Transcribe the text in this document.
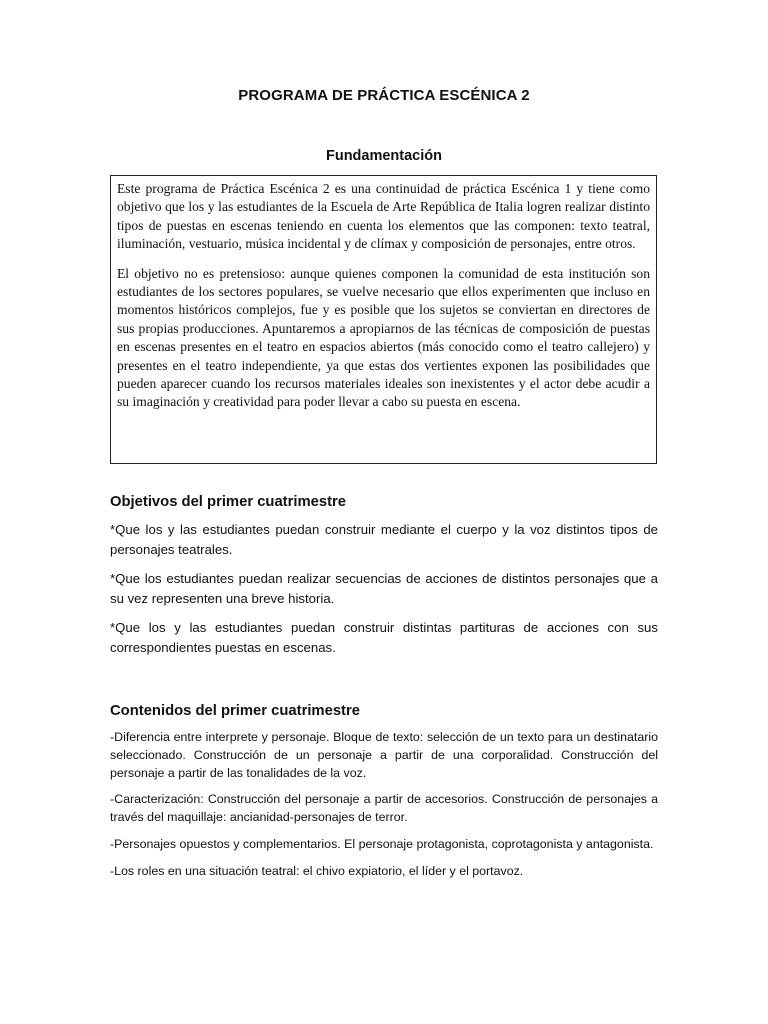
PROGRAMA DE PRÁCTICA ESCÉNICA 2
Fundamentación

Este programa de Práctica Escénica 2 es una continuidad de práctica Escénica 1 y tiene como objetivo que los y las estudiantes de la Escuela de Arte República de Italia logren realizar distinto tipos de puestas en escenas teniendo en cuenta los elementos que las componen: texto teatral, iluminación, vestuario, música incidental y de clímax y composición de personajes, entre otros.

El objetivo no es pretensioso: aunque quienes componen la comunidad de esta institución son estudiantes de los sectores populares, se vuelve necesario que ellos experimenten que incluso en momentos históricos complejos, fue y es posible que los sujetos se conviertan en directores de sus propias producciones. Apuntaremos a apropiarnos de las técnicas de composición de puestas en escenas presentes en el teatro en espacios abiertos (más conocido como el teatro callejero) y presentes en el teatro independiente, ya que estas dos vertientes exponen las posibilidades que pueden aparecer cuando los recursos materiales ideales son inexistentes y el actor debe acudir a su imaginación y creatividad para poder llevar a cabo su puesta en escena.

Objetivos del primer cuatrimestre

*Que los y las estudiantes puedan construir mediante el cuerpo y la voz distintos tipos de personajes teatrales.

*Que los estudiantes puedan realizar secuencias de acciones de distintos personajes que a su vez representen una breve historia.

*Que los y las estudiantes puedan construir distintas partituras de acciones con sus correspondientes puestas en escenas.

Contenidos del primer cuatrimestre

-Diferencia entre interprete y personaje. Bloque de texto: selección de un texto para un destinatario seleccionado. Construcción de un personaje a partir de una corporalidad. Construcción del personaje a partir de las tonalidades de la voz.

-Caracterización: Construcción del personaje a partir de accesorios. Construcción de personajes a través del maquillaje: ancianidad-personajes de terror.

-Personajes opuestos y complementarios. El personaje protagonista, coprotagonista y antagonista.

-Los roles en una situación teatral: el chivo expiatorio, el líder y el portavoz.
